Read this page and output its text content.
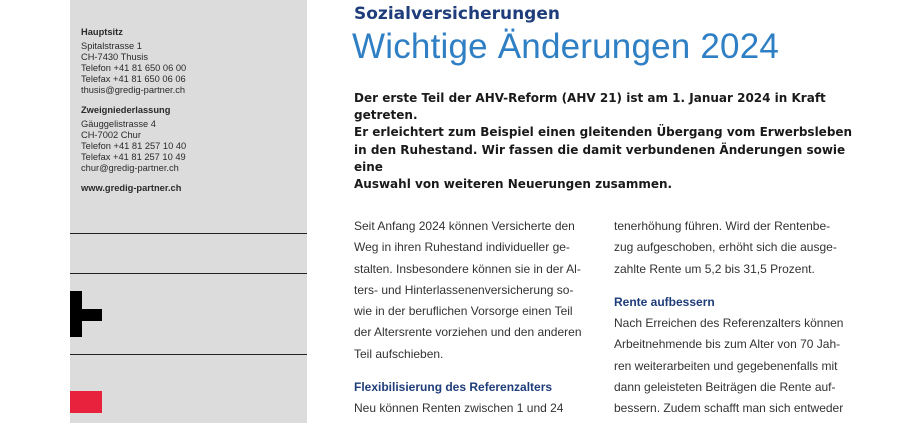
Hauptsitz
Spitalstrasse 1
CH-7430 Thusis
Telefon +41 81 650 06 00
Telefax +41 81 650 06 06
thusis@gredig-partner.ch
Zweigniederlassung
Gäuggelistrasse 4
CH-7002 Chur
Telefon +41 81 257 10 40
Telefax +41 81 257 10 49
chur@gredig-partner.ch
www.gredig-partner.ch
Sozialversicherungen
Wichtige Änderungen 2024

Der erste Teil der AHV-Reform (AHV 21) ist am 1. Januar 2024 in Kraft getreten.

Er erleichtert zum Beispiel einen gleitenden Übergang vom Erwerbsleben

in den Ruhestand. Wir fassen die damit verbundenen Änderungen sowie eine

Auswahl von weiteren Neuerungen zusammen.

Seit Anfang 2024 können Versicherte den

Weg in ihren Ruhestand individueller ge-

stalten. Insbesondere können sie in der Al-

ters- und Hinterlassenenversicherung so-

wie in der beruflichen Vorsorge einen Teil

der Altersrente vorziehen und den anderen

Teil aufschieben.

Flexibilisierung des Referenzalters

Neu können Renten zwischen 1 und 24

tenerhöhung führen. Wird der Rentenbe-

zug aufgeschoben, erhöht sich die ausge-

zahlte Rente um 5,2 bis 31,5 Prozent.

Rente aufbessern

Nach Erreichen des Referenzalters können

Arbeitnehmende bis zum Alter von 70 Jah-

ren weiterarbeiten und gegebenenfalls mit

dann geleisteten Beiträgen die Rente auf-

bessern. Zudem schafft man sich entweder
